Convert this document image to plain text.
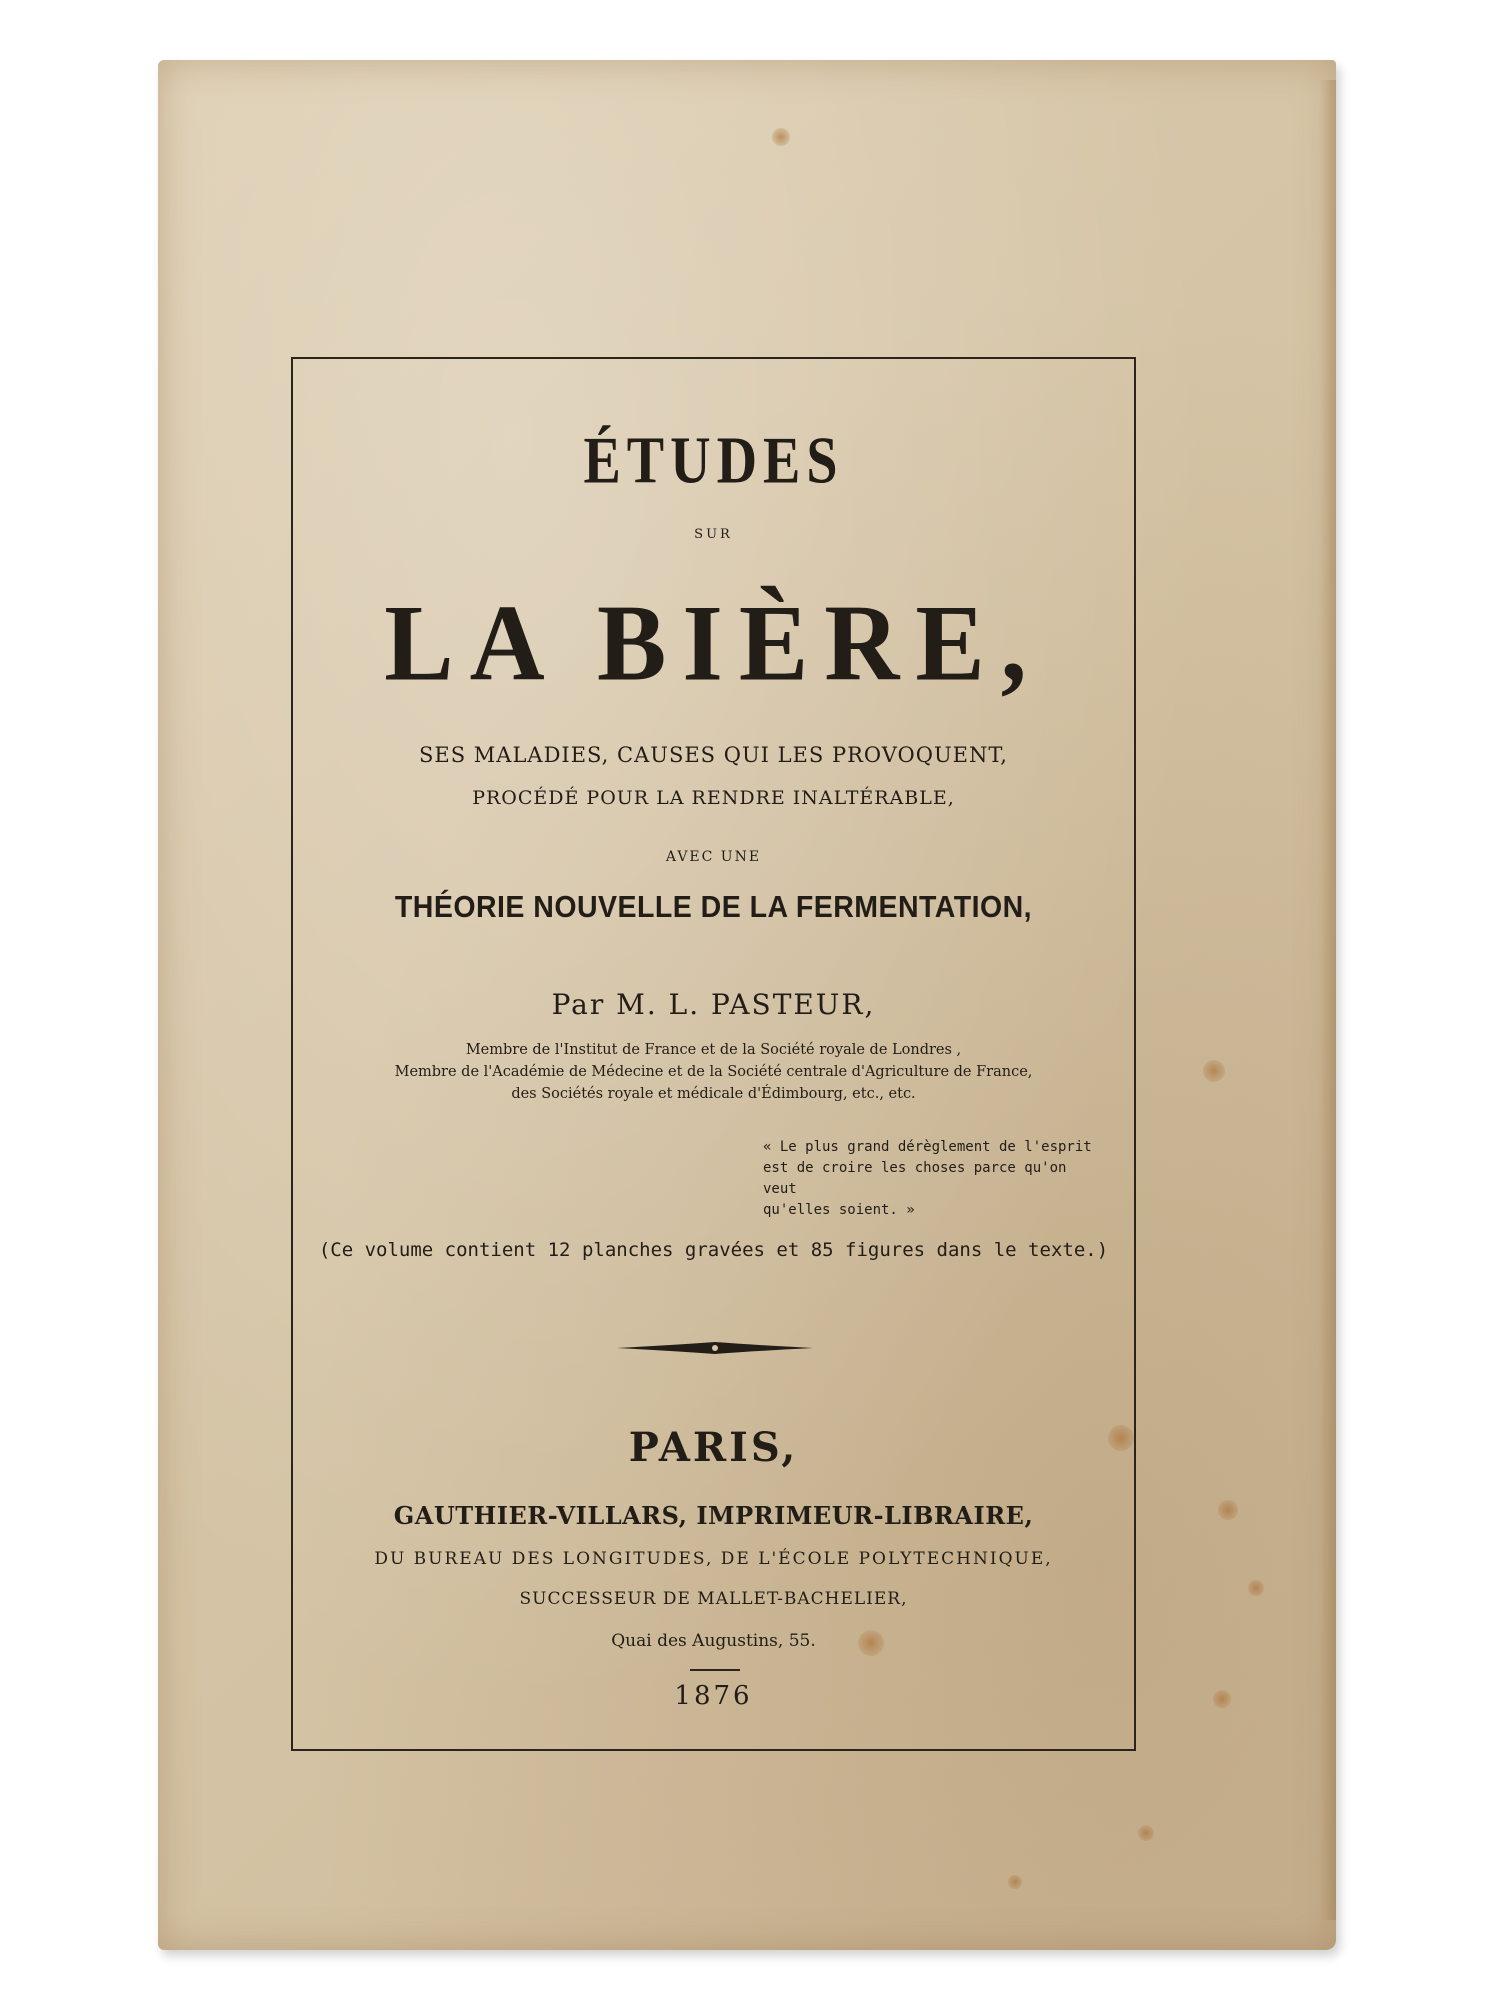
ÉTUDES
SUR
LA BIÈRE,
SES MALADIES, CAUSES QUI LES PROVOQUENT,
PROCÉDÉ POUR LA RENDRE INALTÉRABLE,
AVEC UNE
THÉORIE NOUVELLE DE LA FERMENTATION,
Par M. L. PASTEUR,
Membre de l'Institut de France et de la Société royale de Londres ,
Membre de l'Académie de Médecine et de la Société centrale d'Agriculture de France,
des Sociétés royale et médicale d'Édimbourg, etc., etc.
« Le plus grand dérèglement de l'esprit
est de croire les choses parce qu'on veut
qu'elles soient. »
(Ce volume contient 12 planches gravées et 85 figures dans le texte.)
PARIS,
GAUTHIER-VILLARS, IMPRIMEUR-LIBRAIRE,
DU BUREAU DES LONGITUDES, DE L'ÉCOLE POLYTECHNIQUE,
SUCCESSEUR DE MALLET-BACHELIER,
Quai des Augustins, 55.
1876
